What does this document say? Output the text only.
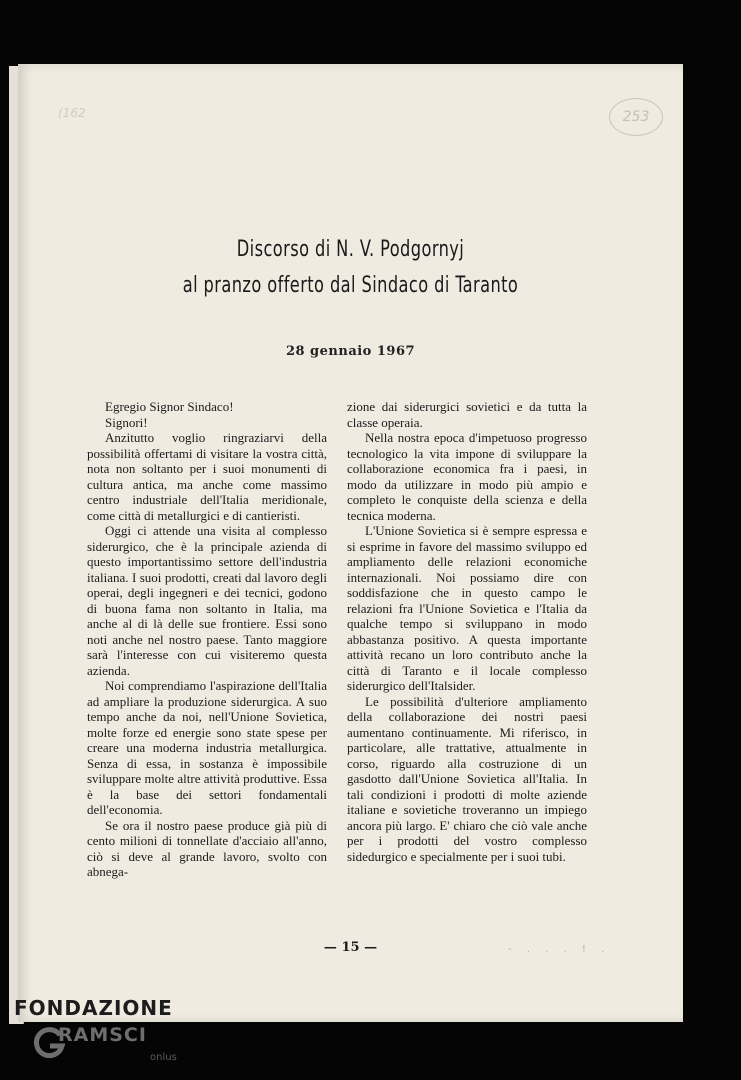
(162	253
Discorso di N. V. Podgornyj
al pranzo offerto dal Sindaco di Taranto
28 gennaio 1967

Egregio Signor Sindaco!

Signori!

Anzitutto voglio ringraziarvi della possibilità offertami di visitare la vostra città, nota non soltanto per i suoi monumenti di cultura antica, ma anche come massimo centro industriale dell'Italia meridionale, come città di metallurgici e di cantieristi.

Oggi ci attende una visita al complesso siderurgico, che è la principale azienda di questo importantissimo settore dell'industria italiana. I suoi prodotti, creati dal lavoro degli operai, degli ingegneri e dei tecnici, godono di buona fama non soltanto in Italia, ma anche al di là delle sue frontiere. Essi sono noti anche nel nostro paese. Tanto maggiore sarà l'interesse con cui visiteremo questa azienda.

Noi comprendiamo l'aspirazione dell'Italia ad ampliare la produzione siderurgica. A suo tempo anche da noi, nell'Unione Sovietica, molte forze ed energie sono state spese per creare una moderna industria metallurgica. Senza di essa, in sostanza è impossibile sviluppare molte altre attività produttive. Essa è la base dei settori fondamentali dell'economia.

Se ora il nostro paese produce già più di cento milioni di tonnellate d'acciaio all'anno, ciò si deve al grande lavoro, svolto con abnega-

zione dai siderurgici sovietici e da tutta la classe operaia.

Nella nostra epoca d'impetuoso progresso tecnologico la vita impone di sviluppare la collaborazione economica fra i paesi, in modo da utilizzare in modo più ampio e completo le conquiste della scienza e della tecnica moderna.

L'Unione Sovietica si è sempre espressa e si esprime in favore del massimo sviluppo ed ampliamento delle relazioni economiche internazionali. Noi possiamo dire con soddisfazione che in questo campo le relazioni fra l'Unione Sovietica e l'Italia da qualche tempo si sviluppano in modo abbastanza positivo. A questa importante attività recano un loro contributo anche la città di Taranto e il locale complesso siderurgico dell'Italsider.

Le possibilità d'ulteriore ampliamento della collaborazione dei nostri paesi aumentano continuamente. Mi riferisco, in particolare, alle trattative, attualmente in corso, riguardo alla costruzione di un gasdotto dall'Unione Sovietica all'Italia. In tali condizioni i prodotti di molte aziende italiane e sovietiche troveranno un impiego ancora più largo. E' chiaro che ciò vale anche per i prodotti del vostro complesso sidedurgico e specialmente per i suoi tubi.

— 15 —	- . . . ! .
FONDAZIONE
RAMSCI
onlus
